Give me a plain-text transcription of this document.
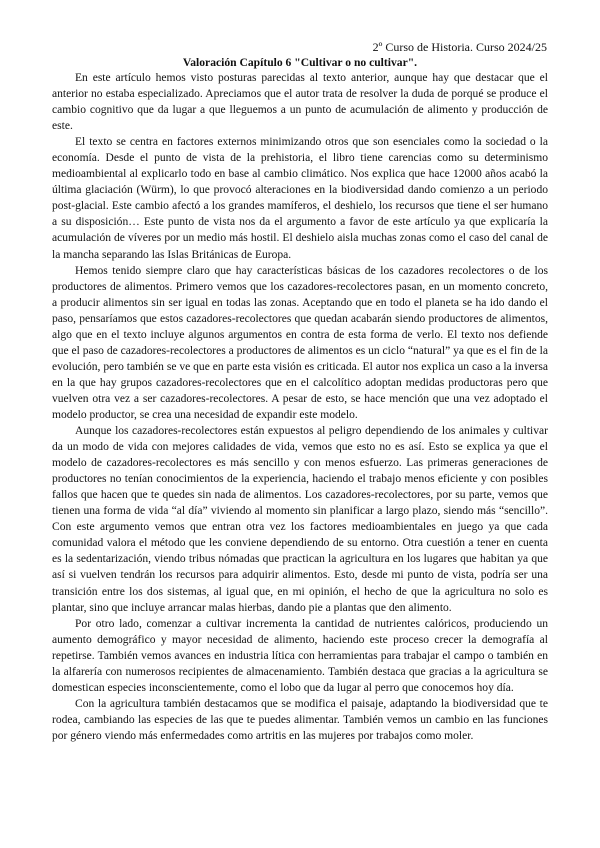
2º Curso de Historia. Curso 2024/25
Valoración Capítulo 6 "Cultivar o no cultivar".

En este artículo hemos visto posturas parecidas al texto anterior, aunque hay que destacar que el anterior no estaba especializado. Apreciamos que el autor trata de resolver la duda de porqué se produce el cambio cognitivo que da lugar a que lleguemos a un punto de acumulación de alimento y producción de este.

El texto se centra en factores externos minimizando otros que son esenciales como la sociedad o la economía. Desde el punto de vista de la prehistoria, el libro tiene carencias como su determinismo medioambiental al explicarlo todo en base al cambio climático. Nos explica que hace 12000 años acabó la última glaciación (Würm), lo que provocó alteraciones en la biodiversidad dando comienzo a un periodo post-glacial. Este cambio afectó a los grandes mamíferos, el deshielo, los recursos que tiene el ser humano a su disposición… Este punto de vista nos da el argumento a favor de este artículo ya que explicaría la acumulación de víveres por un medio más hostil. El deshielo aisla muchas zonas como el caso del canal de la mancha separando las Islas Británicas de Europa.

Hemos tenido siempre claro que hay características básicas de los cazadores recolectores o de los productores de alimentos. Primero vemos que los cazadores-recolectores pasan, en un momento concreto, a producir alimentos sin ser igual en todas las zonas. Aceptando que en todo el planeta se ha ido dando el paso, pensaríamos que estos cazadores-recolectores que quedan acabarán siendo productores de alimentos, algo que en el texto incluye algunos argumentos en contra de esta forma de verlo. El texto nos defiende que el paso de cazadores-recolectores a productores de alimentos es un ciclo “natural” ya que es el fin de la evolución, pero también se ve que en parte esta visión es criticada. El autor nos explica un caso a la inversa en la que hay grupos cazadores-recolectores que en el calcolítico adoptan medidas productoras pero que vuelven otra vez a ser cazadores-recolectores. A pesar de esto, se hace mención que una vez adoptado el modelo productor, se crea una necesidad de expandir este modelo.

Aunque los cazadores-recolectores están expuestos al peligro dependiendo de los animales y cultivar da un modo de vida con mejores calidades de vida, vemos que esto no es así. Esto se explica ya que el modelo de cazadores-recolectores es más sencillo y con menos esfuerzo. Las primeras generaciones de productores no tenían conocimientos de la experiencia, haciendo el trabajo menos eficiente y con posibles fallos que hacen que te quedes sin nada de alimentos. Los cazadores-recolectores, por su parte, vemos que tienen una forma de vida “al día” viviendo al momento sin planificar a largo plazo, siendo más “sencillo”. Con este argumento vemos que entran otra vez los factores medioambientales en juego ya que cada comunidad valora el método que les conviene dependiendo de su entorno. Otra cuestión a tener en cuenta es la sedentarización, viendo tribus nómadas que practican la agricultura en los lugares que habitan ya que así si vuelven tendrán los recursos para adquirir alimentos. Esto, desde mi punto de vista, podría ser una transición entre los dos sistemas, al igual que, en mi opinión, el hecho de que la agricultura no solo es plantar, sino que incluye arrancar malas hierbas, dando pie a plantas que den alimento.

Por otro lado, comenzar a cultivar incrementa la cantidad de nutrientes calóricos, produciendo un aumento demográfico y mayor necesidad de alimento, haciendo este proceso crecer la demografía al repetirse. También vemos avances en industria lítica con herramientas para trabajar el campo o también en la alfarería con numerosos recipientes de almacenamiento. También destaca que gracias a la agricultura se domestican especies inconscientemente, como el lobo que da lugar al perro que conocemos hoy día.

Con la agricultura también destacamos que se modifica el paisaje, adaptando la biodiversidad que te rodea, cambiando las especies de las que te puedes alimentar. También vemos un cambio en las funciones por género viendo más enfermedades como artritis en las mujeres por trabajos como moler.
